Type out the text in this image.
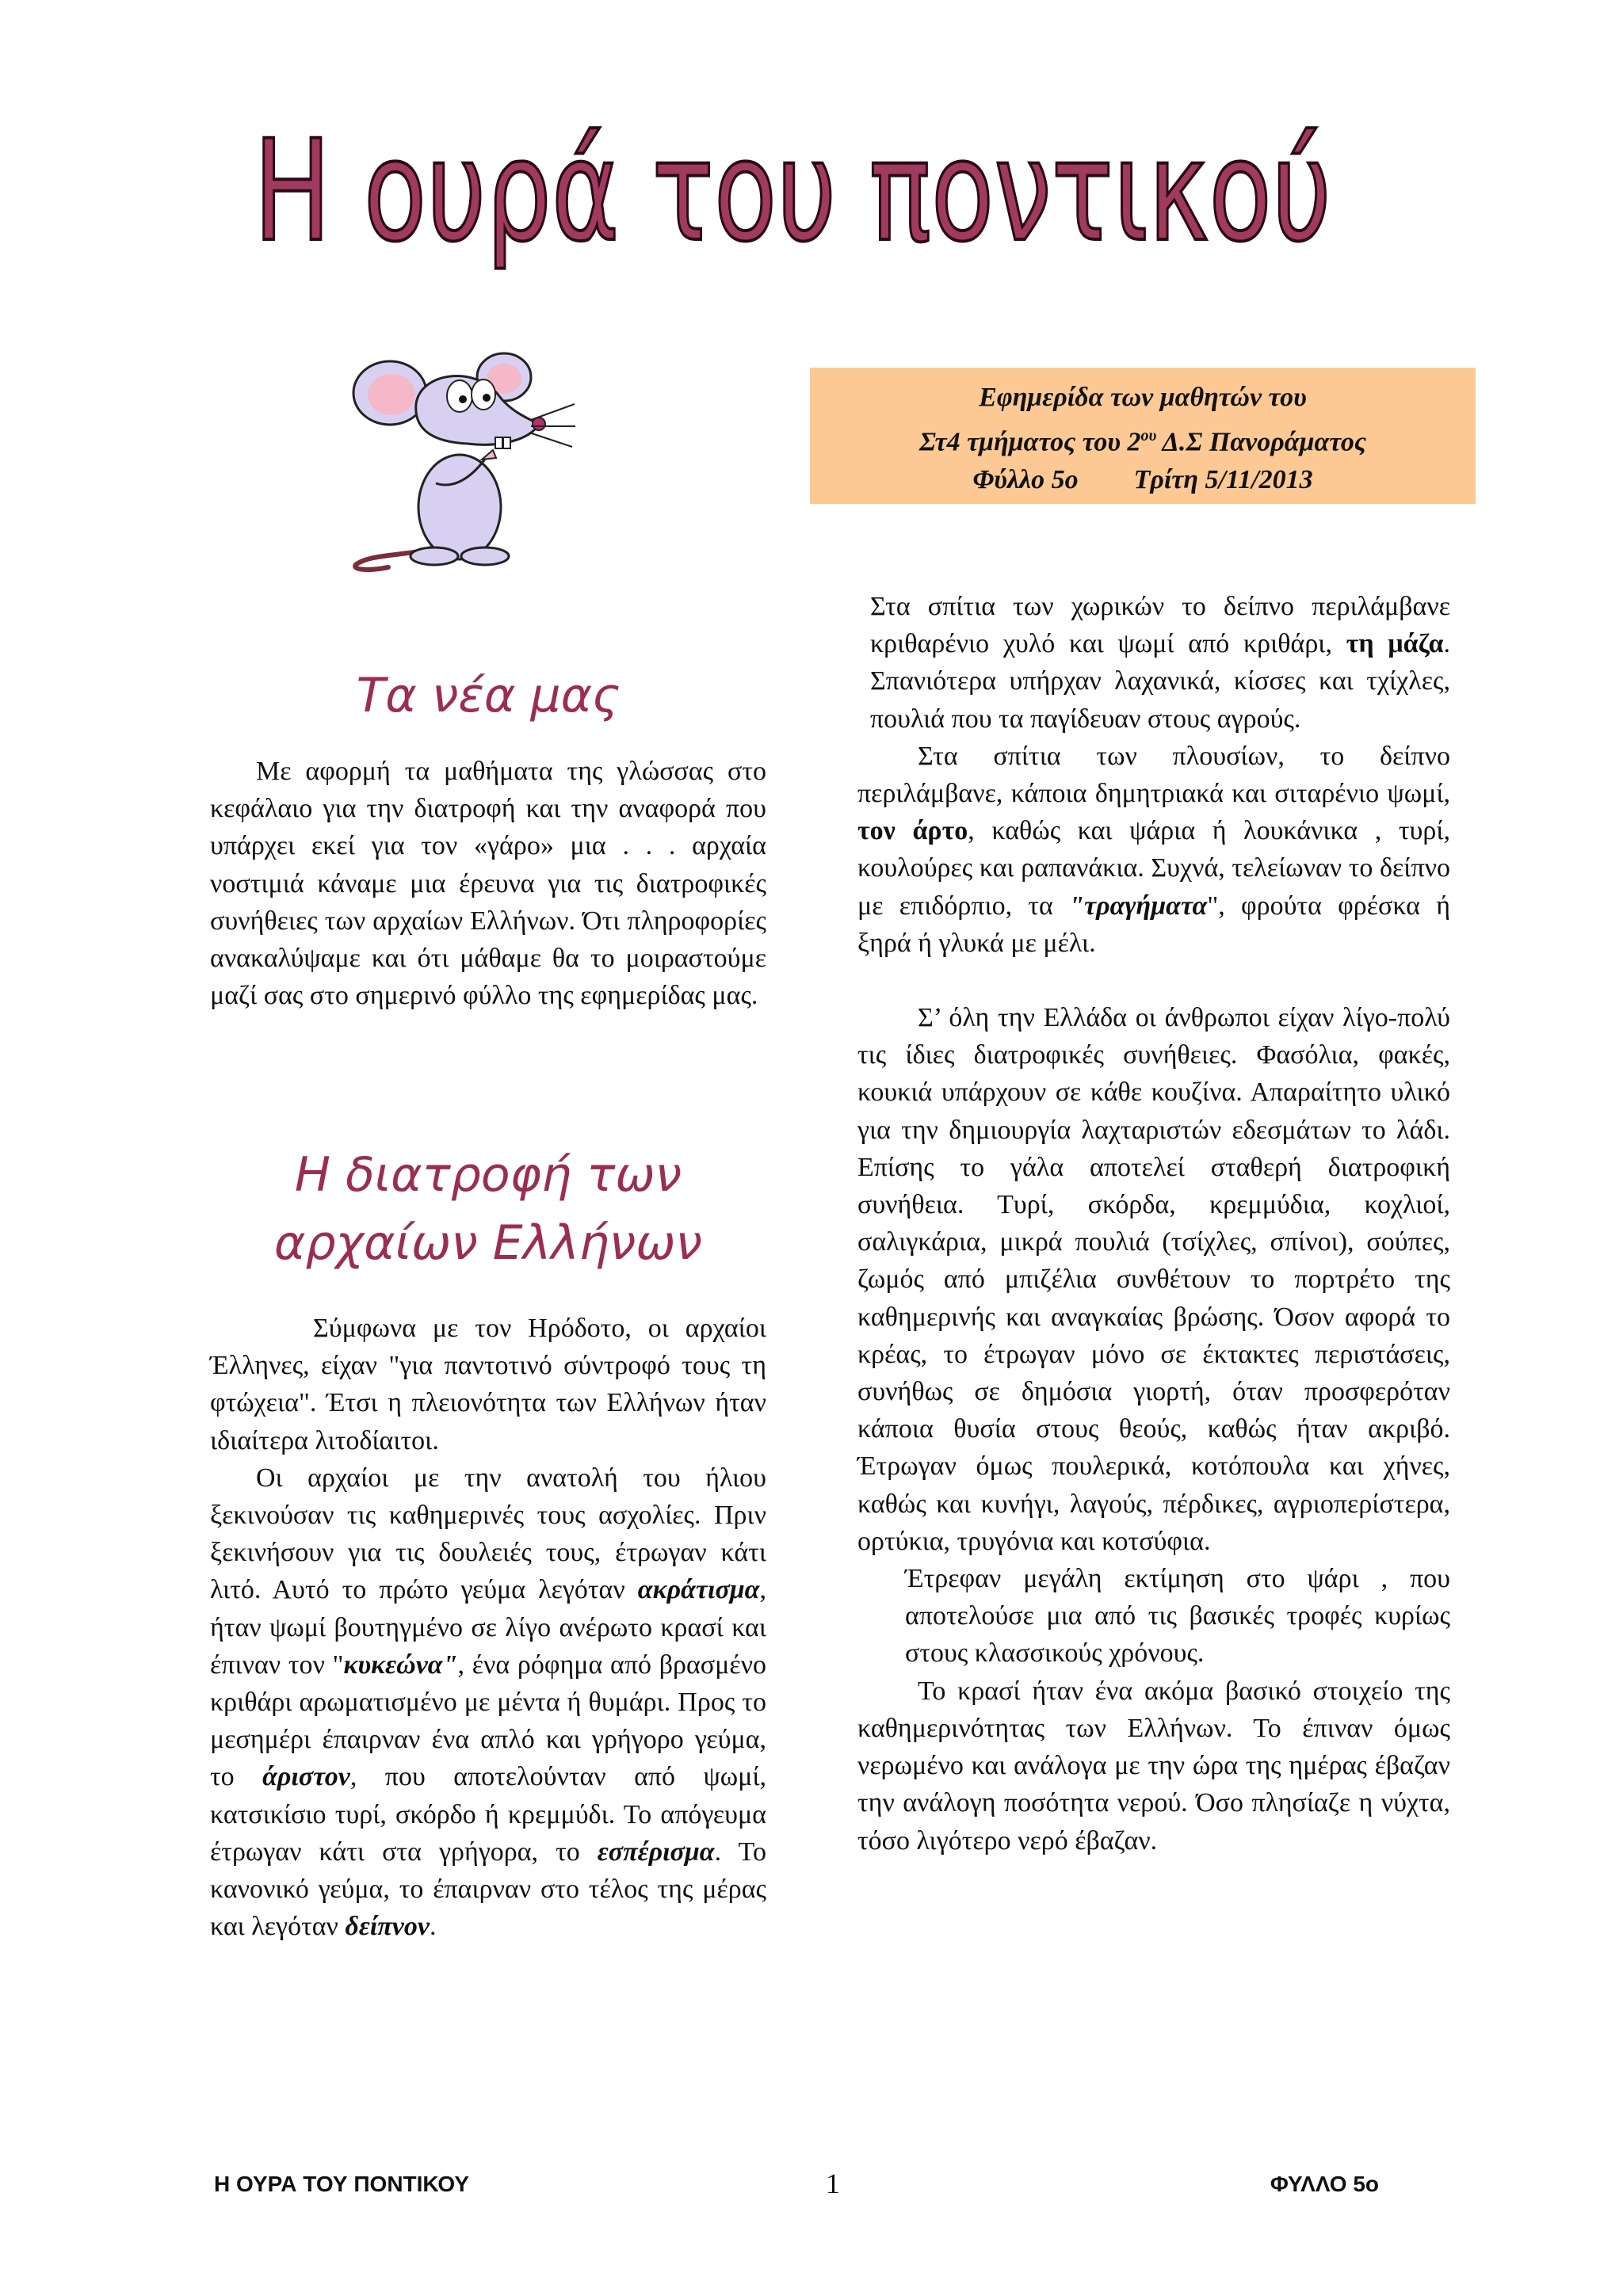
Η ουρά του ποντικού
Εφημερίδα των μαθητών του
Στ4 τμήματος του $2^{o\upsilon}$ Δ.Σ Πανοράματος
Φύλλο 5ο Τρίτη 5/11/2013
Τα νέα μας
Η διατροφή των
αρχαίων Ελλήνων

Με αφορμή τα μαθήματα της γλώσσας στο κεφάλαιο για την διατροφή και την αναφορά που υπάρχει εκεί για τον «γάρο» μια . . . αρχαία νοστιμιά κάναμε μια έρευνα για τις διατροφικές συνήθειες των αρχαίων Ελλήνων. Ότι πληροφορίες ανακαλύψαμε και ότι μάθαμε θα το μοιραστούμε μαζί σας στο σημερινό φύλλο της εφημερίδας μας.

Σύμφωνα με τον Ηρόδοτο, οι αρχαίοι Έλληνες, είχαν "για παντοτινό σύντροφό τους τη φτώχεια". Έτσι η πλειονότητα των Ελλήνων ήταν ιδιαίτερα λιτοδίαιτοι.

Οι αρχαίοι με την ανατολή του ήλιου ξεκινούσαν τις καθημερινές τους ασχολίες. Πριν ξεκινήσουν για τις δουλειές τους, έτρωγαν κάτι λιτό. Αυτό το πρώτο γεύμα λεγόταν ακράτισμα, ήταν ψωμί βουτηγμένο σε λίγο ανέρωτο κρασί και έπιναν τον "κυκεώνα", ένα ρόφημα από βρασμένο κριθάρι αρωματισμένο με μέντα ή θυμάρι. Προς το μεσημέρι έπαιρναν ένα απλό και γρήγορο γεύμα, το άριστον, που αποτελούνταν από ψωμί, κατσικίσιο τυρί, σκόρδο ή κρεμμύδι. Το απόγευμα έτρωγαν κάτι στα γρήγορα, το εσπέρισμα. Το κανονικό γεύμα, το έπαιρναν στο τέλος της μέρας και λεγόταν δείπνον.

Στα σπίτια των χωρικών το δείπνο περιλάμβανε κριθαρένιο χυλό και ψωμί από κριθάρι, τη μάζα. Σπανιότερα υπήρχαν λαχανικά, κίσσες και τχίχλες, πουλιά που τα παγίδευαν στους αγρούς.

Στα σπίτια των πλουσίων, το δείπνο περιλάμβανε, κάποια δημητριακά και σιταρένιο ψωμί, τον άρτο, καθώς και ψάρια ή λουκάνικα , τυρί, κουλούρες και ραπανάκια. Συχνά, τελείωναν το δείπνο με επιδόρπιο, τα "τραγήματα", φρούτα φρέσκα ή ξηρά ή γλυκά με μέλι.

Σ’ όλη την Ελλάδα οι άνθρωποι είχαν λίγο-πολύ τις ίδιες διατροφικές συνήθειες. Φασόλια, φακές, κουκιά υπάρχουν σε κάθε κουζίνα. Απαραίτητο υλικό για την δημιουργία λαχταριστών εδεσμάτων το λάδι. Επίσης το γάλα αποτελεί σταθερή διατροφική συνήθεια. Τυρί, σκόρδα, κρεμμύδια, κοχλιοί, σαλιγκάρια, μικρά πουλιά (τσίχλες, σπίνοι), σούπες, ζωμός από μπιζέλια συνθέτουν το πορτρέτο της καθημερινής και αναγκαίας βρώσης. Όσον αφορά το κρέας, το έτρωγαν μόνο σε έκτακτες περιστάσεις, συνήθως σε δημόσια γιορτή, όταν προσφερόταν κάποια θυσία στους θεούς, καθώς ήταν ακριβό. Έτρωγαν όμως πουλερικά, κοτόπουλα και χήνες, καθώς και κυνήγι, λαγούς, πέρδικες, αγριοπερίστερα, ορτύκια, τρυγόνια και κοτσύφια.

Έτρεφαν μεγάλη εκτίμηση στο ψάρι , που αποτελούσε μια από τις βασικές τροφές κυρίως στους κλασσικούς χρόνους.

Το κρασί ήταν ένα ακόμα βασικό στοιχείο της καθημερινότητας των Ελλήνων. Το έπιναν όμως νερωμένο και ανάλογα με την ώρα της ημέρας έβαζαν την ανάλογη ποσότητα νερού. Όσο πλησίαζε η νύχτα, τόσο λιγότερο νερό έβαζαν.

Η ΟΥΡΑ ΤΟΥ ΠΟΝΤΙΚΟΥ	1	ΦΥΛΛΟ 5ο
